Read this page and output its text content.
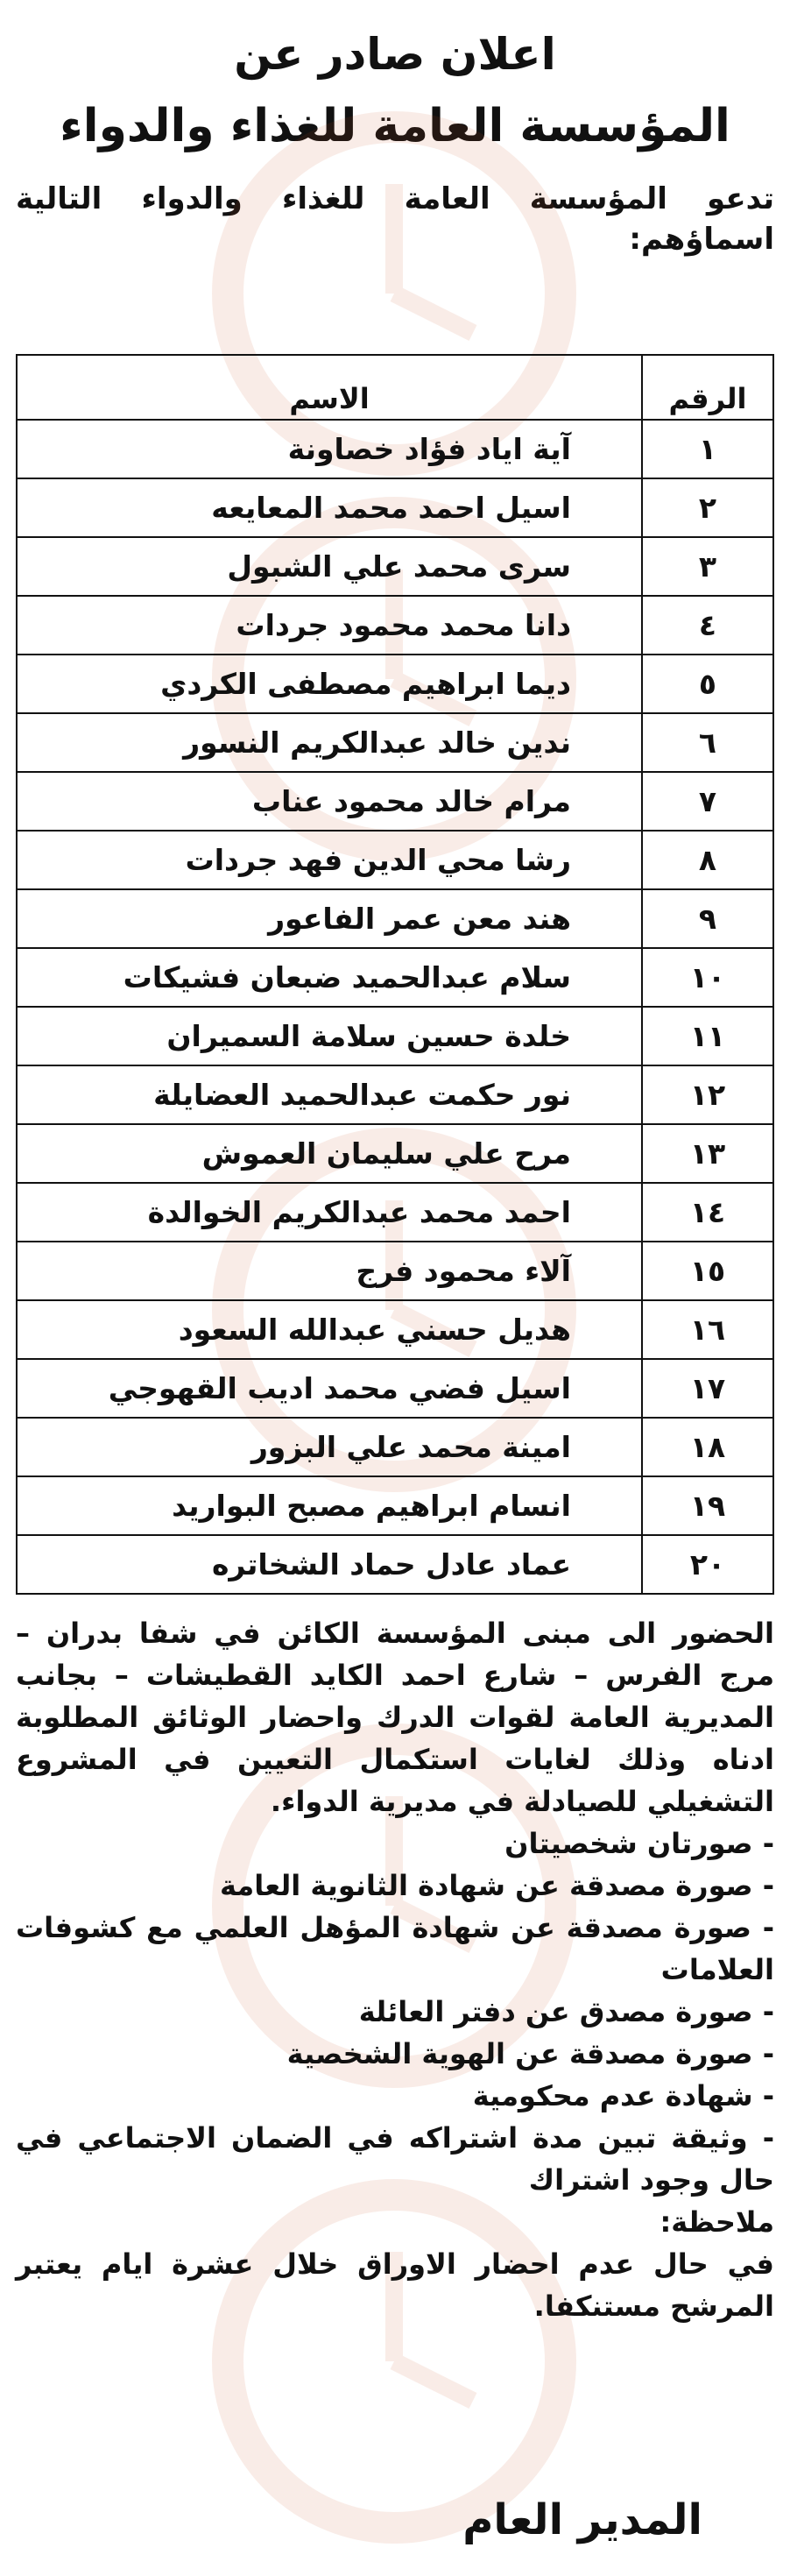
اعلان صادر عن
المؤسسة العامة للغذاء والدواء
تدعو المؤسسة العامة للغذاء والدواء التالية اسماؤهم:
الرقم	الاسم
١	آية اياد فؤاد خصاونة
٢	اسيل احمد محمد المعايعه
٣	سرى محمد علي الشبول
٤	دانا محمد محمود جردات
٥	ديما ابراهيم مصطفى الكردي
٦	ندين خالد عبدالكريم النسور
٧	مرام خالد محمود عناب
٨	رشا محي الدين فهد جردات
٩	هند معن عمر الفاعور
١٠	سلام عبدالحميد ضبعان فشيكات
١١	خلدة حسين سلامة السميران
١٢	نور حكمت عبدالحميد العضايلة
١٣	مرح علي سليمان العموش
١٤	احمد محمد عبدالكريم الخوالدة
١٥	آلاء محمود فرج
١٦	هديل حسني عبدالله السعود
١٧	اسيل فضي محمد اديب القهوجي
١٨	امينة محمد علي البزور
١٩	انسام ابراهيم مصبح البواريد
٢٠	عماد عادل حماد الشخاتره

الحضور الى مبنى المؤسسة الكائن في شفا بدران – مرج الفرس – شارع احمد الكايد القطيشات – بجانب المديرية العامة لقوات الدرك واحضار الوثائق المطلوبة ادناه وذلك لغايات استكمال التعيين في المشروع التشغيلي للصيادلة في مديرية الدواء.

- صورتان شخصيتان

- صورة مصدقة عن شهادة الثانوية العامة

- صورة مصدقة عن شهادة المؤهل العلمي مع كشوفات العلامات

- صورة مصدق عن دفتر العائلة

- صورة مصدقة عن الهوية الشخصية

- شهادة عدم محكومية

- وثيقة تبين مدة اشتراكه في الضمان الاجتماعي في حال وجود اشتراك

ملاحظة:

في حال عدم احضار الاوراق خلال عشرة ايام يعتبر المرشح مستنكفا.

المدير العام
